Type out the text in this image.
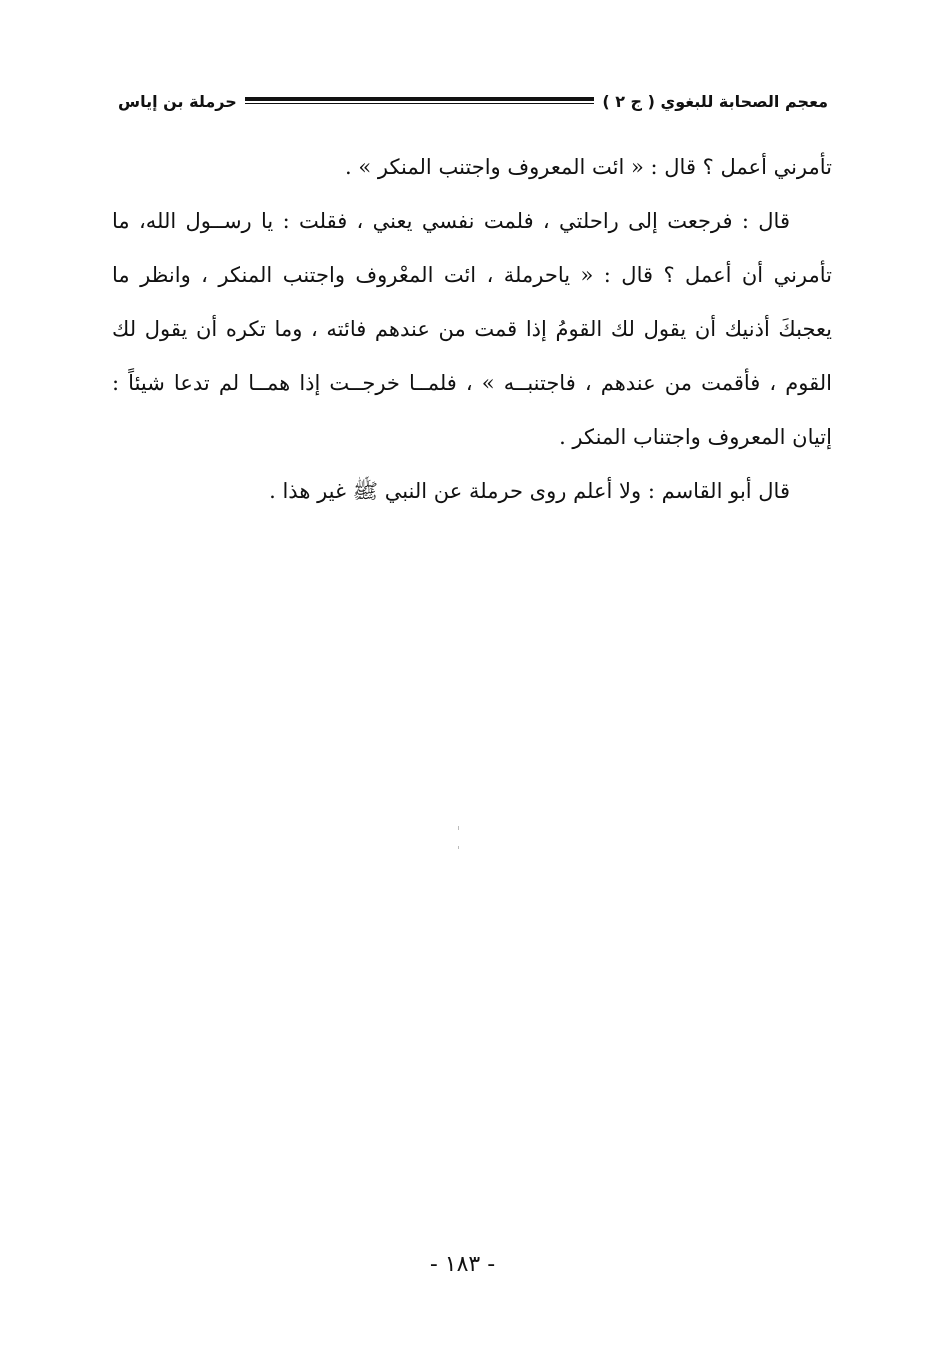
معجم الصحابة للبغوي ( ج ٢ )
حرملة بن إياس

تأمرني أعمل ؟ قال : « ائت المعروف واجتنب المنكر » .

قال : فرجعت إلى راحلتي ، فلمت نفسي يعني ، فقلت : يا رســول الله، ما تأمرني أن أعمل ؟ قال : « ياحرملة ، ائت المعْروف واجتنب المنكر ، وانظر ما يعجبكَ أذنيك أن يقول لك القومُ إذا قمت من عندهم فائته ، وما تكره أن يقول لك القوم ، فأقمت من عندهم ، فاجتنبــه » ، فلمــا خرجــت إذا همــا لم تدعا شيئاً : إتيان المعروف واجتناب المنكر .

قال أبو القاسم : ولا أعلم روى حرملة عن النبي ﷺ غير هذا .

- ١٨٣ -
